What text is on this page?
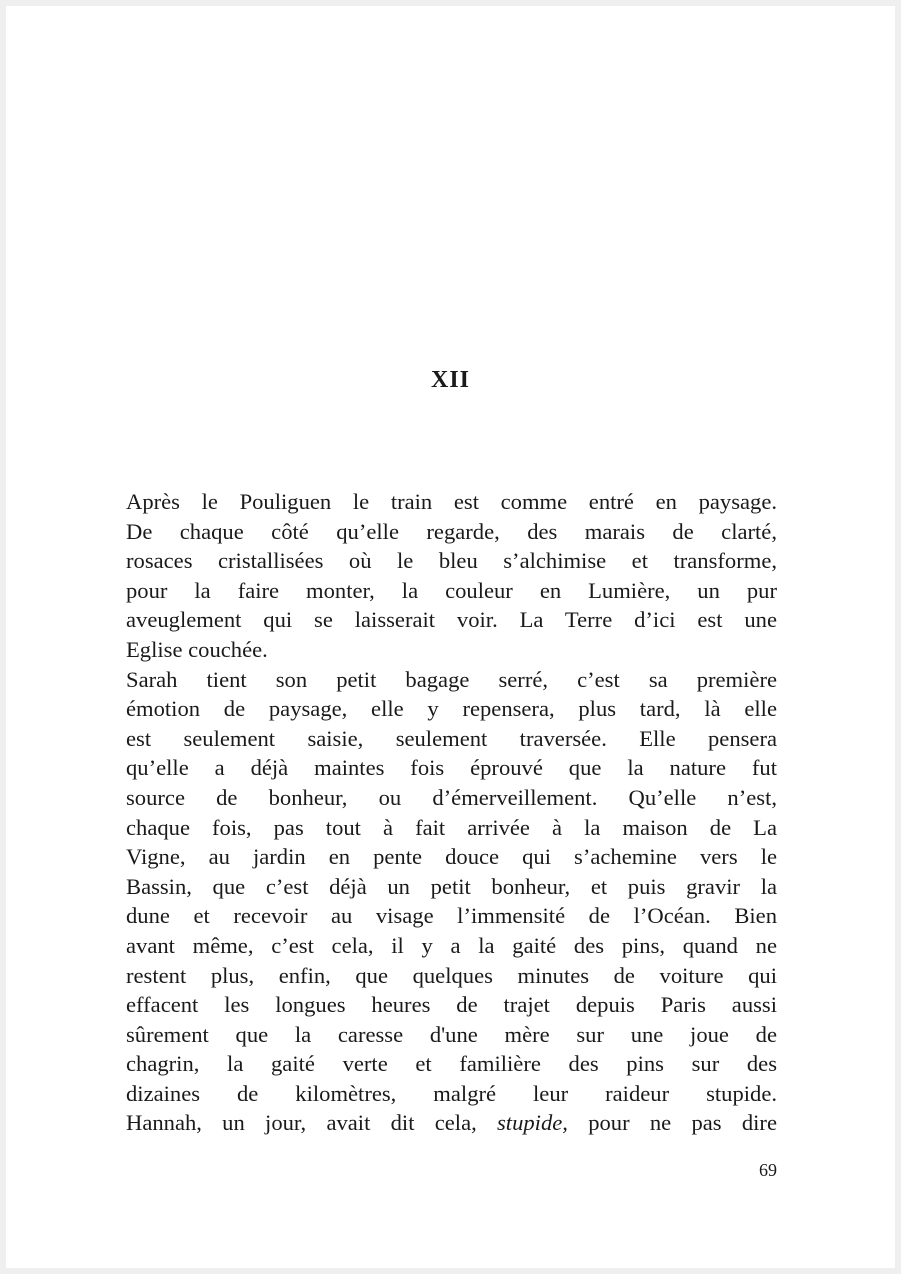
XII
Après le Pouliguen le train est comme entré en paysage.
De chaque côté qu’elle regarde, des marais de clarté,
rosaces cristallisées où le bleu s’alchimise et transforme,
pour la faire monter, la couleur en Lumière, un pur
aveuglement qui se laisserait voir. La Terre d’ici est une
Eglise couchée.
Sarah tient son petit bagage serré, c’est sa première
émotion de paysage, elle y repensera, plus tard, là elle
est seulement saisie, seulement traversée. Elle pensera
qu’elle a déjà maintes fois éprouvé que la nature fut
source de bonheur, ou d’émerveillement. Qu’elle n’est,
chaque fois, pas tout à fait arrivée à la maison de La
Vigne, au jardin en pente douce qui s’achemine vers le
Bassin, que c’est déjà un petit bonheur, et puis gravir la
dune et recevoir au visage l’immensité de l’Océan. Bien
avant même, c’est cela, il y a la gaité des pins, quand ne
restent plus, enfin, que quelques minutes de voiture qui
effacent les longues heures de trajet depuis Paris aussi
sûrement que la caresse d'une mère sur une joue de
chagrin, la gaité verte et familière des pins sur des
dizaines de kilomètres, malgré leur raideur stupide.
Hannah, un jour, avait dit cela, stupide, pour ne pas dire
69
